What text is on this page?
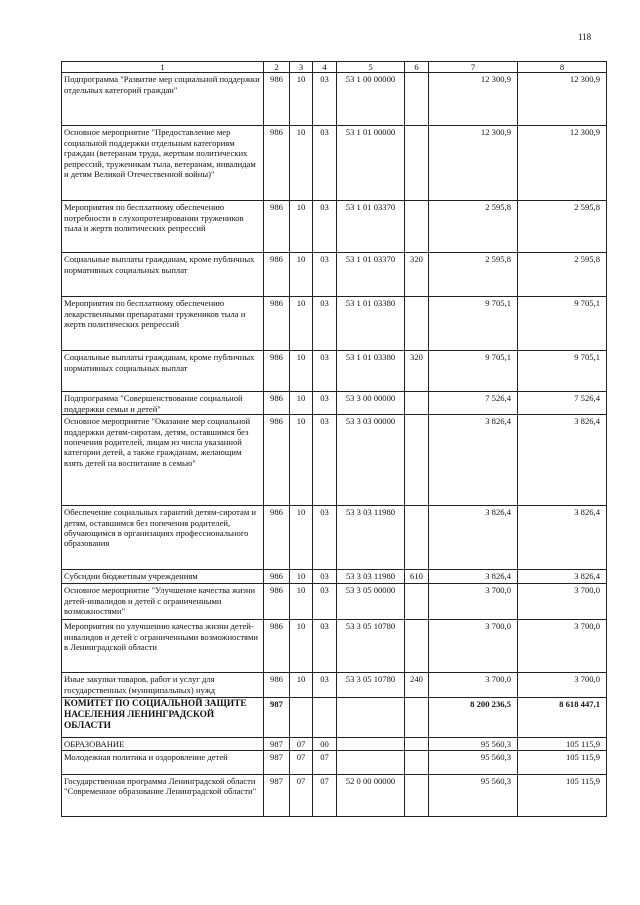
118
1	2	3	4	5	6	7	8
Подпрограмма "Развитие мер социальной поддержки отдельных категорий граждан"	986	10	03	53 1 00 00000		12 300,9	12 300,9
Основное мероприятие "Предоставление мер социальной поддержки отдельным категориям граждан (ветеранам труда, жертвам политических репрессий, труженикам тыла, ветеранам, инвалидам и детям Великой Отечественной войны)"	986	10	03	53 1 01 00000		12 300,9	12 300,9
Мероприятия по бесплатному обеспечению потребности в слухопротезировании тружеников тыла и жертв политических репрессий	986	10	03	53 1 01 03370		2 595,8	2 595,8
Социальные выплаты гражданам, кроме публичных нормативных социальных выплат	986	10	03	53 1 01 03370	320	2 595,8	2 595,8
Мероприятия по бесплатному обеспечению лекарственными препаратами тружеников тыла и жертв политических репрессий	986	10	03	53 1 01 03380		9 705,1	9 705,1
Социальные выплаты гражданам, кроме публичных нормативных социальных выплат	986	10	03	53 1 01 03380	320	9 705,1	9 705,1
Подпрограмма "Совершенствование социальной поддержки семьи и детей"	986	10	03	53 3 00 00000		7 526,4	7 526,4
Основное мероприятие "Оказание мер социальной поддержки детям-сиротам, детям, оставшимся без попечения родителей, лицам из числа указанной категории детей, а также гражданам, желающим взять детей на воспитание в семью"	986	10	03	53 3 03 00000		3 826,4	3 826,4
Обеспечение социальных гарантий детям-сиротам и детям, оставшимся без попечения родителей, обучающимся в организациях профессионального образования	986	10	03	53 3 03 11980		3 826,4	3 826,4
Субсидии бюджетным учреждениям	986	10	03	53 3 03 11980	610	3 826,4	3 826,4
Основное мероприятие "Улучшение качества жизни детей-инвалидов и детей с ограниченными возможностями"	986	10	03	53 3 05 00000		3 700,0	3 700,0
Мероприятия по улучшению качества жизни детей-инвалидов и детей с ограниченными возможностями в Ленинградской области	986	10	03	53 3 05 10780		3 700,0	3 700,0
Иные закупки товаров, работ и услуг для государственных (муниципальных) нужд	986	10	03	53 3 05 10780	240	3 700,0	3 700,0
КОМИТЕТ ПО СОЦИАЛЬНОЙ ЗАЩИТЕ НАСЕЛЕНИЯ ЛЕНИНГРАДСКОЙ ОБЛАСТИ	987					8 200 236,5	8 618 447,1
ОБРАЗОВАНИЕ	987	07	00			95 560,3	105 115,9
Молодежная политика и оздоровление детей	987	07	07			95 560,3	105 115,9
Государственная программа Ленинградской области "Современное образование Ленинградской области"	987	07	07	52 0 00 00000		95 560,3	105 115,9
